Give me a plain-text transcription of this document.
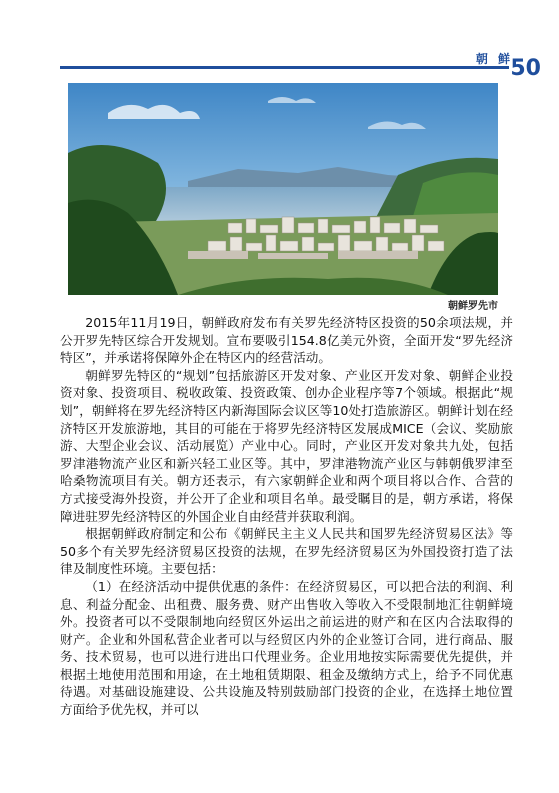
朝 鲜
50
朝鲜罗先市

2015年11月19日，朝鲜政府发布有关罗先经济特区投资的50余项法规，并公开罗先特区综合开发规划。宣布要吸引154.8亿美元外资，全面开发“罗先经济特区”，并承诺将保障外企在特区内的经营活动。

朝鲜罗先特区的“规划”包括旅游区开发对象、产业区开发对象、朝鲜企业投资对象、投资项目、税收政策、投资政策、创办企业程序等7个领域。根据此“规划”，朝鲜将在罗先经济特区内新海国际会议区等10处打造旅游区。朝鲜计划在经济特区开发旅游地，其目的可能在于将罗先经济特区发展成MICE（会议、奖励旅游、大型企业会议、活动展览）产业中心。同时，产业区开发对象共九处，包括罗津港物流产业区和新兴轻工业区等。其中，罗津港物流产业区与韩朝俄罗津至哈桑物流项目有关。朝方还表示，有六家朝鲜企业和两个项目将以合作、合营的方式接受海外投资，并公开了企业和项目名单。最受瞩目的是，朝方承诺，将保障进驻罗先经济特区的外国企业自由经营并获取利润。

根据朝鲜政府制定和公布《朝鲜民主主义人民共和国罗先经济贸易区法》等50多个有关罗先经济贸易区投资的法规，在罗先经济贸易区为外国投资打造了法律及制度性环境。主要包括：

（1）在经济活动中提供优惠的条件：在经济贸易区，可以把合法的利润、利息、利益分配金、出租费、服务费、财产出售收入等收入不受限制地汇往朝鲜境外。投资者可以不受限制地向经贸区外运出之前运进的财产和在区内合法取得的财产。企业和外国私营企业者可以与经贸区内外的企业签订合同，进行商品、服务、技术贸易，也可以进行进出口代理业务。企业用地按实际需要优先提供，并根据土地使用范围和用途，在土地租赁期限、租金及缴纳方式上，给予不同优惠待遇。对基础设施建设、公共设施及特别鼓励部门投资的企业，在选择土地位置方面给予优先权，并可以
